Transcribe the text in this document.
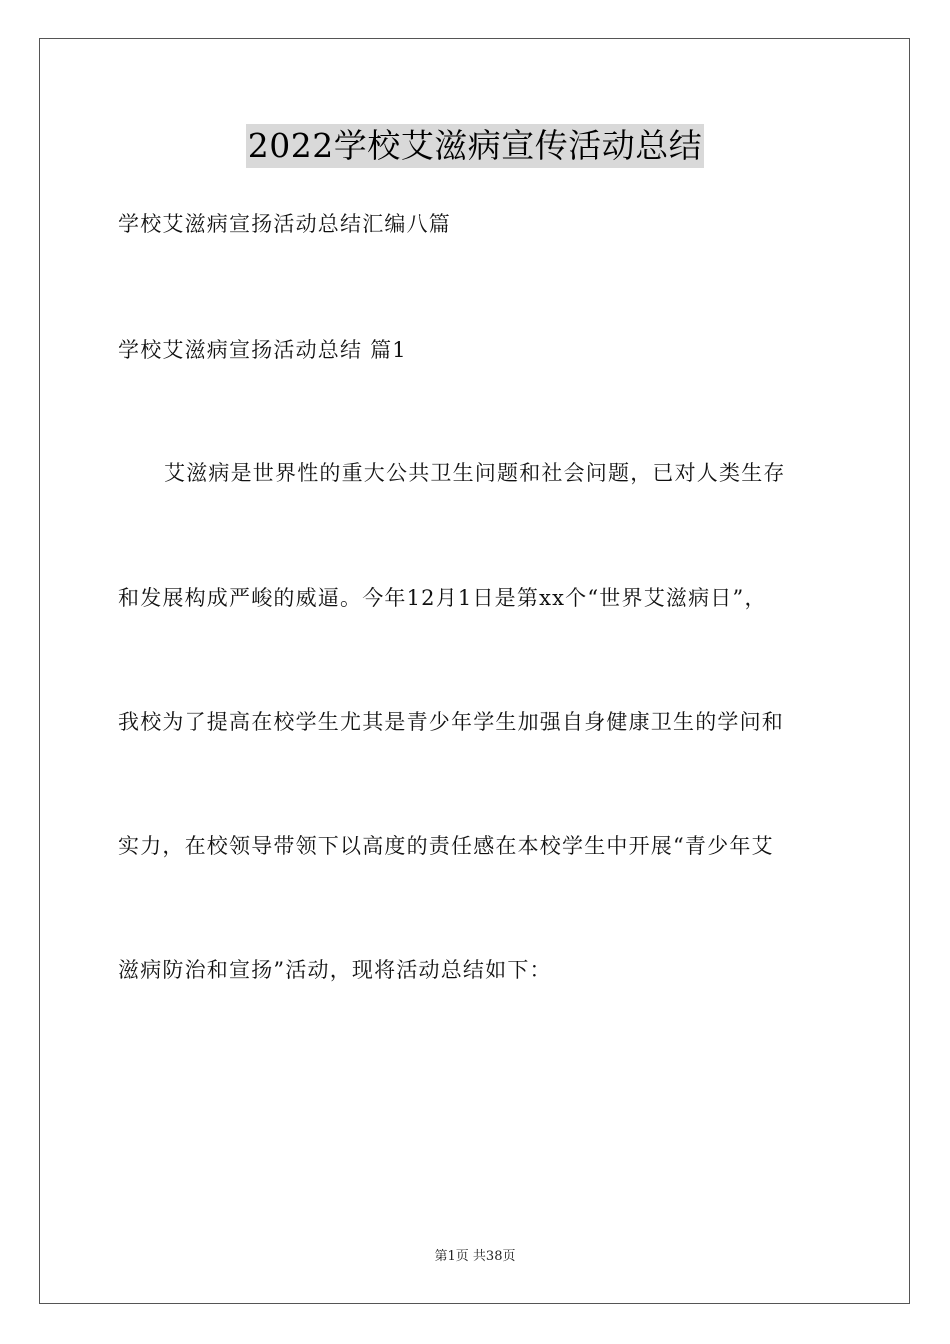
2022学校艾滋病宣传活动总结
学校艾滋病宣扬活动总结汇编八篇
学校艾滋病宣扬活动总结 篇1
艾滋病是世界性的重大公共卫生问题和社会问题，已对人类生存
和发展构成严峻的威逼。今年12月1日是第xx个“世界艾滋病日”，
我校为了提高在校学生尤其是青少年学生加强自身健康卫生的学问和
实力，在校领导带领下以高度的责任感在本校学生中开展“青少年艾
滋病防治和宣扬”活动，现将活动总结如下：
第1页 共38页
